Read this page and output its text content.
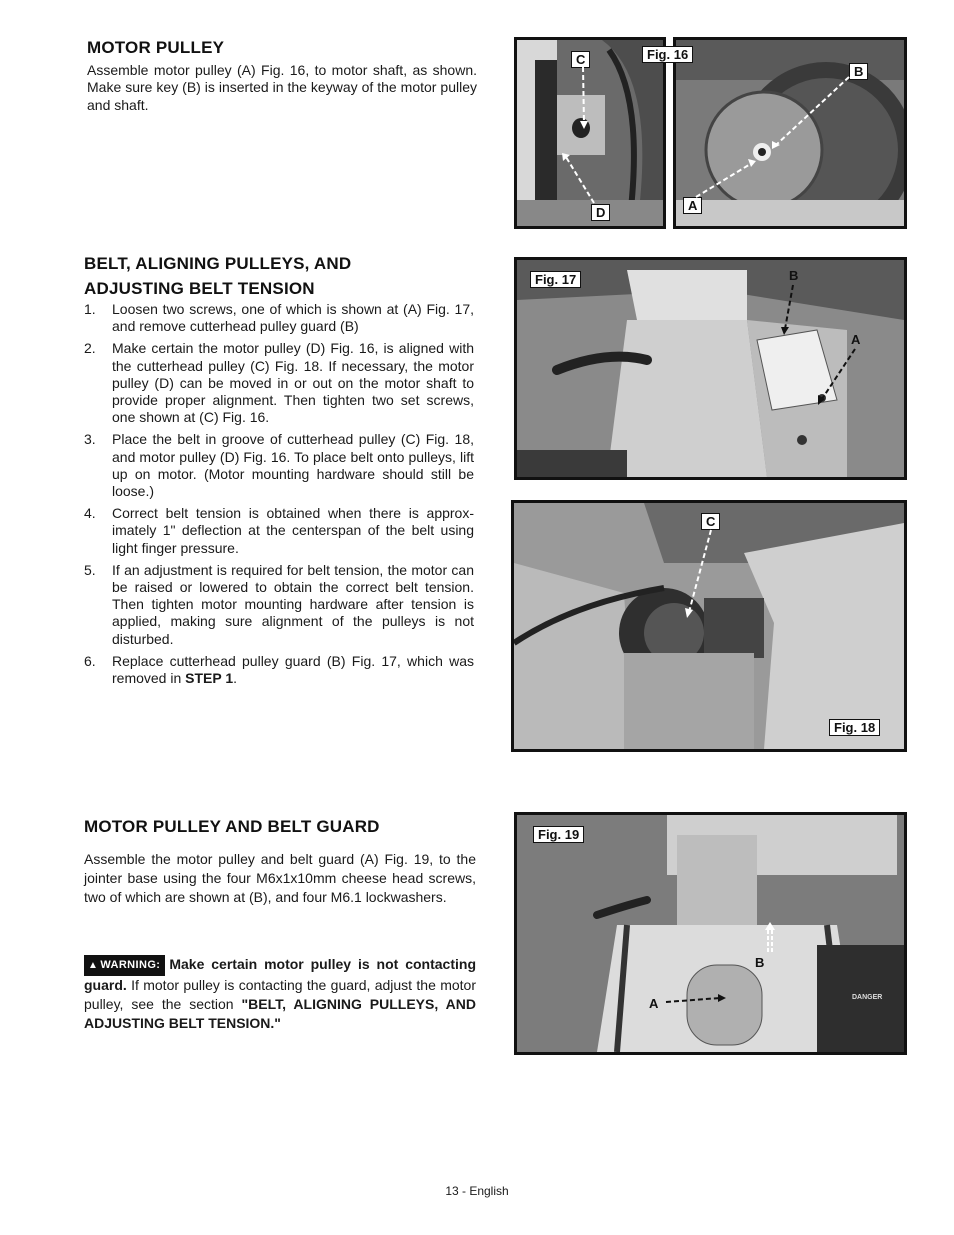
MOTOR PULLEY

Assemble motor pulley (A) Fig. 16, to motor shaft, as shown. Make sure key (B) is inserted in the keyway of the motor pulley and shaft.

BELT, ALIGNING PULLEYS, AND
ADJUSTING BELT TENSION
1. Loosen two screws, one of which is shown at (A) Fig. 17, and remove cutterhead pulley guard (B)
2. Make certain the motor pulley (D) Fig. 16, is aligned with the cutterhead pulley (C) Fig. 18. If necessary, the motor pulley (D) can be moved in or out on the motor shaft to provide proper alignment. Then tighten two set screws, one shown at (C) Fig. 16.
3. Place the belt in groove of cutterhead pulley (C) Fig. 18, and motor pulley (D) Fig. 16. To place belt onto pulleys, lift up on motor. (Motor mounting hardware should still be loose.)
4. Correct belt tension is obtained when there is approx- imately 1" deflection at the centerspan of the belt using light finger pressure.
5. If an adjustment is required for belt tension, the motor can be raised or lowered to obtain the correct belt tension. Then tighten motor mounting hardware after tension is applied, making sure alignment of the pulleys is not disturbed.
6. Replace cutterhead pulley guard (B) Fig. 17, which was removed in STEP 1.
MOTOR PULLEY AND BELT GUARD

Assemble the motor pulley and belt guard (A) Fig. 19, to the jointer base using the four M6x1x10mm cheese head screws, two of which are shown at (B), and four M6.1 lockwashers.

▲ WARNING: Make certain motor pulley is not contacting guard. If motor pulley is contacting the guard, adjust the motor pulley, see the section "BELT, ALIGNING PULLEYS, AND ADJUSTING BELT TENSION."

Fig. 16
C
D
B
A
Fig. 17	B
A
C
Fig. 18
Fig. 19
B
A	DANGER
13 - English
